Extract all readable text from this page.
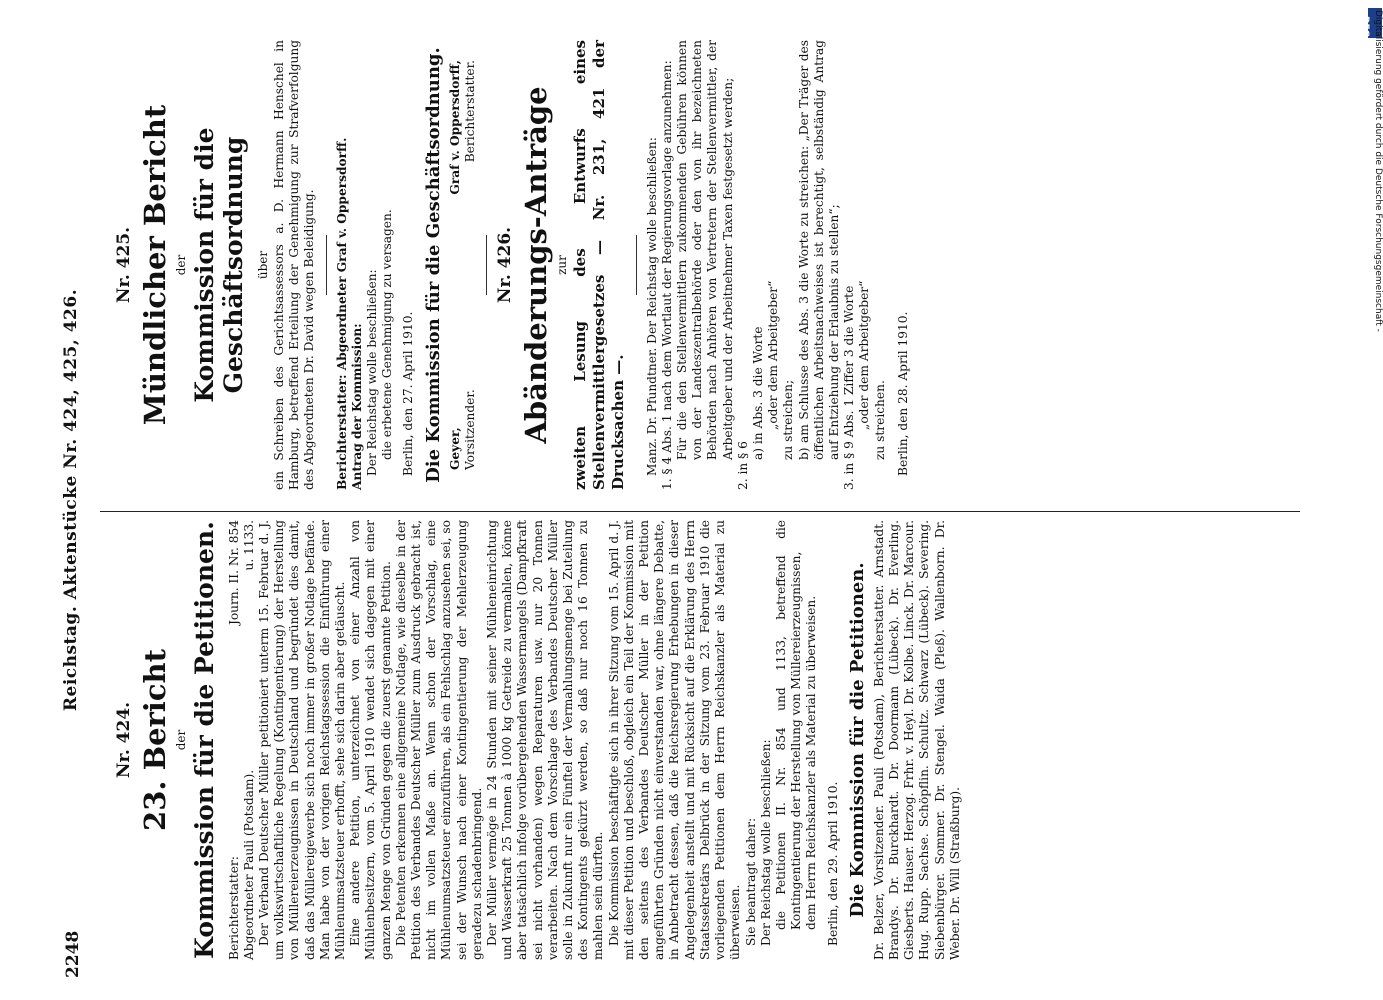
2248
Reichstag. Aktenstücke Nr. 424, 425, 426.
Nr. 424. 23. Bericht der Kommission für die Petitionen. Berichterstatter:
Journ. II. Nr. 854
Abgeordneter Pauli (Potsdam).
u. 1133. Der Verband Deutscher Müller petitioniert unterm 15. Februar d. J. um volkswirtschaftliche Regelung (Kontingentierung) der Herstellung von Müllereierzeugnissen in Deutschland und begründet dies damit, daß das Müllereigewerbe sich noch immer in großer Notlage befände. Man habe von der vorigen Reichstagssession die Einführung einer Mühlenumsatzsteuer erhofft, sehe sich darin aber getäuscht. Eine andere Petition, unterzeichnet von einer Anzahl von Mühlenbesitzern, vom 5. April 1910 wendet sich dagegen mit einer ganzen Menge von Gründen gegen die zuerst genannte Petition. Die Petenten erkennen eine allgemeine Notlage, wie dieselbe in der Petition des Verbandes Deutscher Müller zum Ausdruck gebracht ist, nicht im vollen Maße an. Wenn schon der Vorschlag, eine Mühlenumsatzsteuer einzuführen, als ein Fehlschlag anzusehen sei, so sei der Wunsch nach einer Kontingentierung der Mehlerzeugung geradezu schadenbringend. Der Müller vermöge in 24 Stunden mit seiner Mühleneinrichtung und Wasserkraft 25 Tonnen à 1000 kg Getreide zu vermahlen, könne aber tatsächlich infolge vorübergehenden Wassermangels (Dampfkraft sei nicht vorhanden) wegen Reparaturen usw. nur 20 Tonnen verarbeiten. Nach dem Vorschlage des Verbandes Deutscher Müller solle in Zukunft nur ein Fünftel der Vermahlungsmenge bei Zuteilung des Kontingents gekürzt werden, so daß nur noch 16 Tonnen zu mahlen sein dürften. Die Kommission beschäftigte sich in ihrer Sitzung vom 15. April d. J. mit dieser Petition und beschloß, obgleich ein Teil der Kommission mit den seitens des Verbandes Deutscher Müller in der Petition angeführten Gründen nicht einverstanden war, ohne längere Debatte, in Anbetracht dessen, daß die Reichsregierung Erhebungen in dieser Angelegenheit anstellt und mit Rücksicht auf die Erklärung des Herrn Staatssekretärs Delbrück in der Sitzung vom 23. Februar 1910 die vorliegenden Petitionen dem Herrn Reichskanzler als Material zu überweisen. Sie beantragt daher: Der Reichstag wolle beschließen: die Petitionen II. Nr. 854 und 1133, betreffend die Kontingentierung der Herstellung von Müllereierzeugnissen, dem Herrn Reichskanzler als Material zu überweisen. Berlin, den 29. April 1910. Die Kommission für die Petitionen. Dr. Belzer, Vorsitzender. Pauli (Potsdam), Berichterstatter. Arnstadt. Brandys. Dr. Burckhardt. Dr. Doormann (Lübeck). Dr. Everling. Giesberts. Hauser. Herzog. Frhr. v. Heyl. Dr. Kolbe. Linck. Dr. Marcour. Hug. Rupp. Sachse. Schöpflin. Schultz. Schwarz (Lübeck). Severing. Siebenbürger. Sommer. Dr. Stengel. Waida (Pleß). Wallenborn. Dr. Weber. Dr. Will (Straßburg).

Nr. 425. Mündlicher Bericht der Kommission für die Geschäftsordnung über ein Schreiben des Gerichtsassessors a. D. Hermann Henschel in Hamburg, betreffend Erteilung der Genehmigung zur Strafverfolgung des Abgeordneten Dr. David wegen Beleidigung. Berichterstatter: Abgeordneter Graf v. Oppersdorff. Antrag der Kommission: Der Reichstag wolle beschließen: die erbetene Genehmigung zu versagen. Berlin, den 27. April 1910. Die Kommission für die Geschäftsordnung. Geyer,
Graf v. Oppersdorff,
Vorsitzender.
Berichterstatter.
Nr. 426. Abänderungs-Anträge zur zweiten Lesung des Entwurfs eines Stellenvermittlergesetzes — Nr. 231, 421 der Drucksachen —. Manz. Dr. Pfundtner. Der Reichstag wolle beschließen: 1. § 4 Abs. 1 nach dem Wortlaut der Regierungsvorlage anzunehmen: Für die den Stellenvermittlern zukommenden Gebühren können von der Landeszentralbehörde oder den von ihr bezeichneten Behörden nach Anhören von Vertretern der Stellenvermittler, der Arbeitgeber und der Arbeitnehmer Taxen festgesetzt werden;

2. in § 6

a) in Abs. 3 die Worte „oder dem Arbeitgeber“ zu streichen; b) am Schlusse des Abs. 3 die Worte zu streichen: „Der Träger des öffentlichen Arbeitsnachweises ist berechtigt, selbständig Antrag auf Entziehung der Erlaubnis zu stellen“; 3. in § 9 Abs. 1 Ziffer 3 die Worte „oder dem Arbeitgeber“ zu streichen. Berlin, den 28. April 1910.

DFG Digitalisierung gefördert durch die Deutsche Forschungsgemeinschaft -
